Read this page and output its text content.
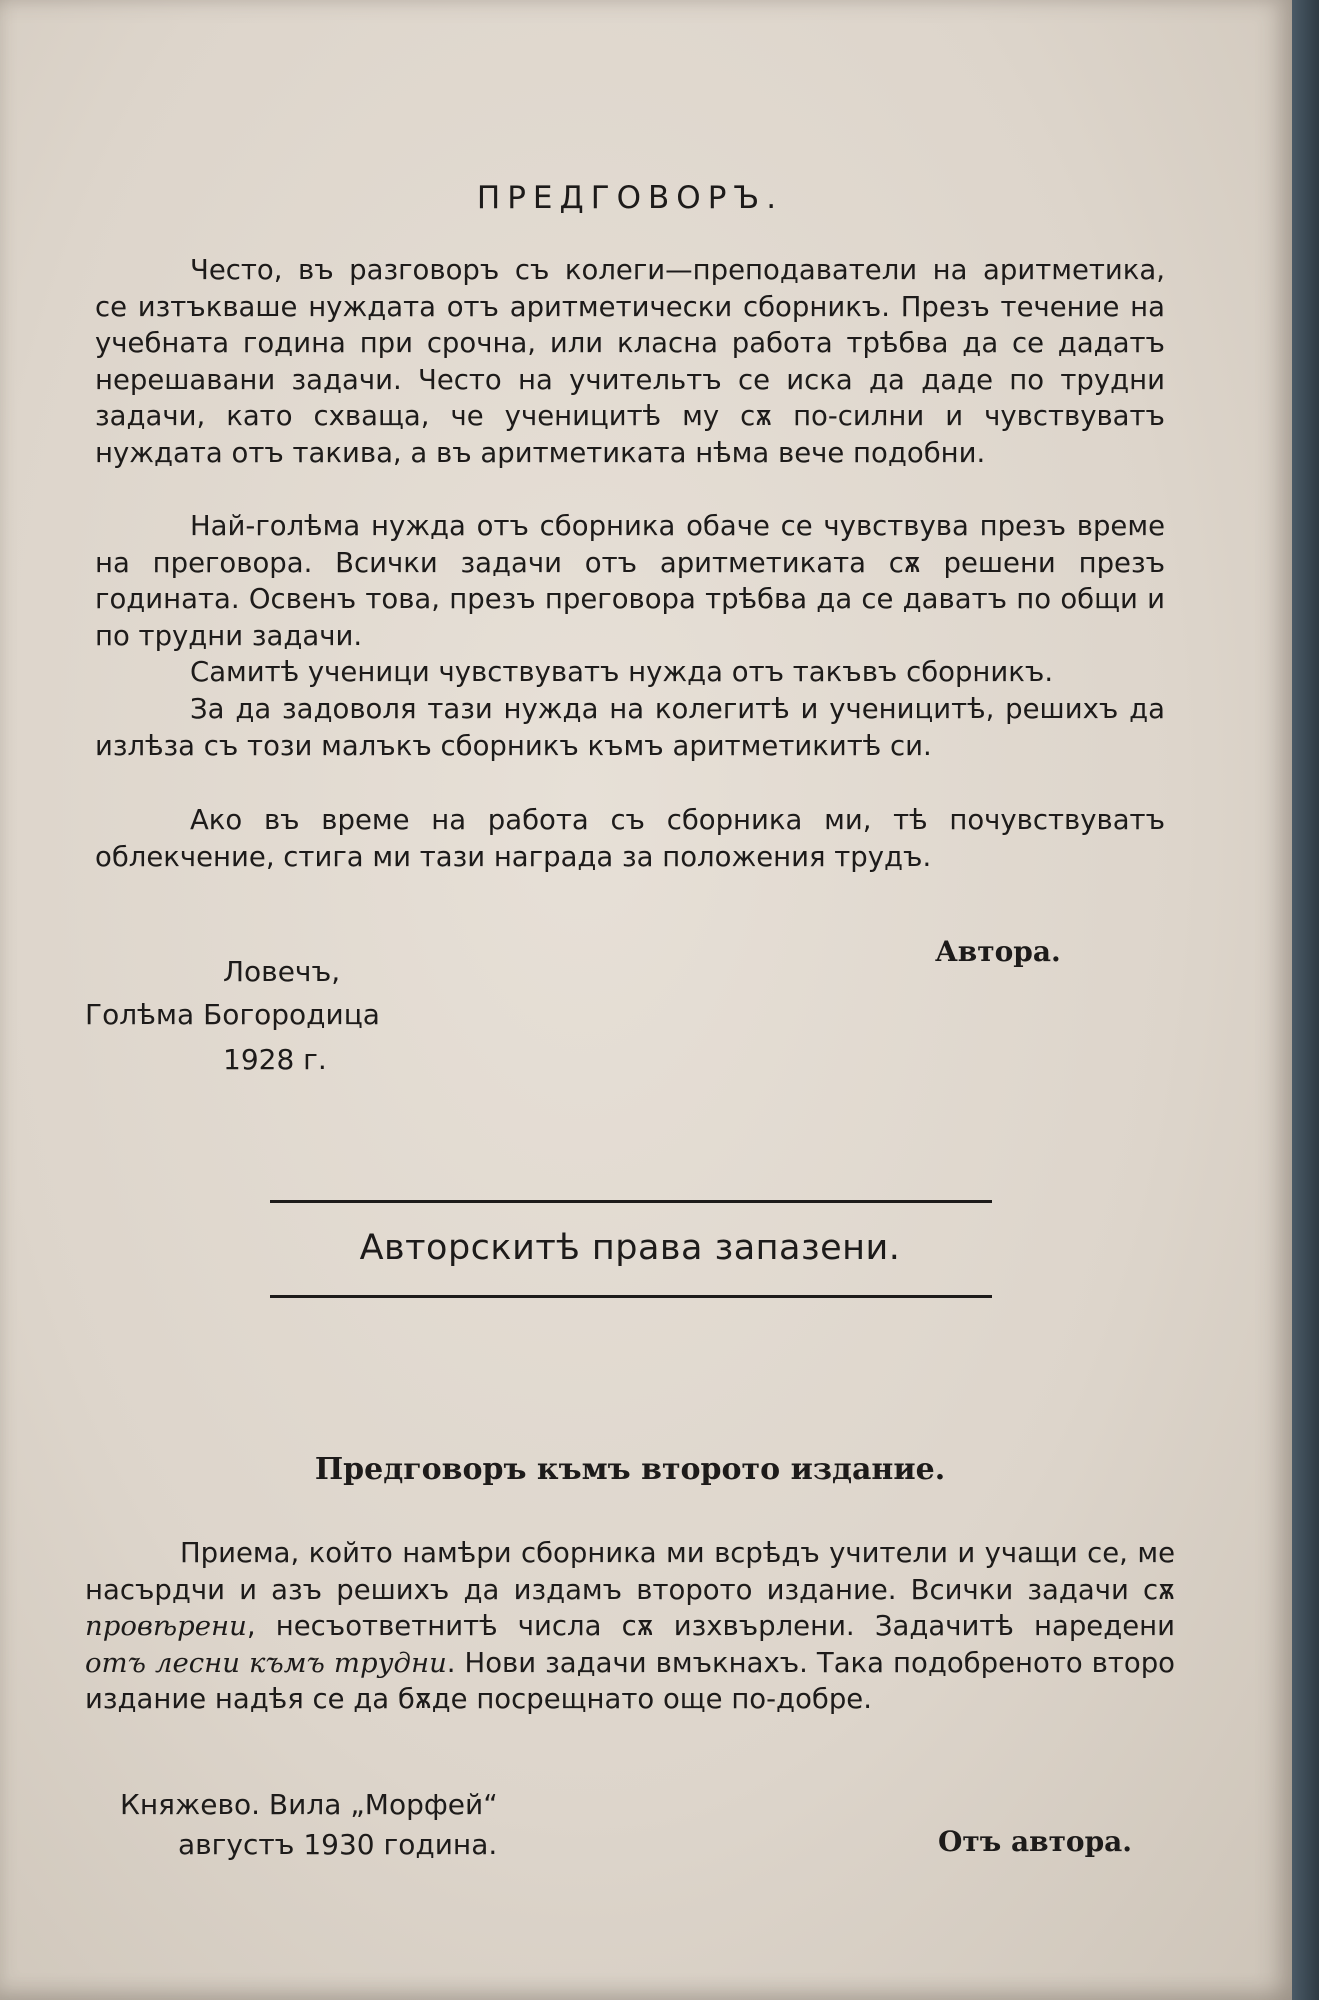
ПРЕДГОВОРЪ.

Често, въ разговоръ съ колеги—преподаватели на аритметика, се изтъкваше нуждата отъ аритметически сборникъ. Презъ течение на учебната година при срочна, или класна работа трѣбва да се дадатъ нерешавани задачи. Често на учительтъ се иска да даде по трудни задачи, като схваща, че ученицитѣ му сѫ по-силни и чувствуватъ нуждата отъ такива, а въ аритметиката нѣма вече подобни.

Най-голѣма нужда отъ сборника обаче се чувствува презъ време на преговора. Всички задачи отъ аритметиката сѫ решени презъ годината. Освенъ това, презъ преговора трѣбва да се даватъ по общи и по трудни задачи.

Самитѣ ученици чувствуватъ нужда отъ такъвъ сборникъ.

За да задоволя тази нужда на колегитѣ и ученицитѣ, решихъ да излѣза съ този малъкъ сборникъ къмъ аритметикитѣ си.

Ако въ време на работа съ сборника ми, тѣ почувствуватъ облекчение, стига ми тази награда за положения трудъ.

Автора.

Ловечъ,

Голѣма Богородица

1928 г.

Авторскитѣ права запазени.
Предговоръ къмъ второто издание.

Приема, който намѣри сборника ми всрѣдъ учители и учащи се, ме насърдчи и азъ решихъ да издамъ второто издание. Всички задачи сѫ провѣрени, несъответнитѣ числа сѫ изхвърлени. Задачитѣ наредени отъ лесни къмъ трудни. Нови задачи вмъкнахъ. Така подобреното второ издание надѣя се да бѫде посрещнато още по-добре.

Княжево. Вила „Морфей“

августъ 1930 година.	Отъ автора.
